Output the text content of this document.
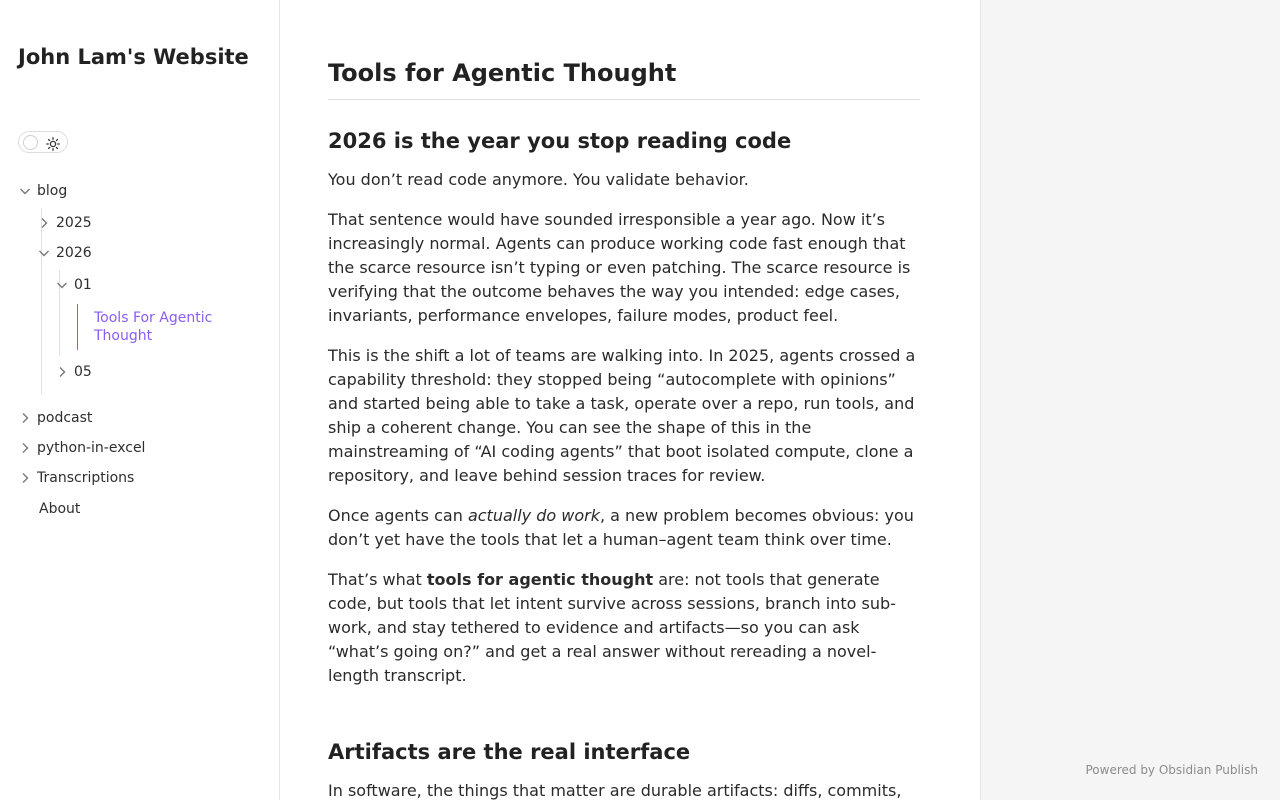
John Lam's Website
blog
2025
2026
01
Tools For Agentic Thought
05
podcast
python-in-excel
Transcriptions
About
Tools for Agentic Thought
2026 is the year you stop reading code

You don’t read code anymore. You validate behavior.

That sentence would have sounded irresponsible a year ago. Now it’s increasingly normal. Agents can produce working code fast enough that the scarce resource isn’t typing or even patching. The scarce resource is verifying that the outcome behaves the way you intended: edge cases, invariants, performance envelopes, failure modes, product feel.

This is the shift a lot of teams are walking into. In 2025, agents crossed a capability threshold: they stopped being “autocomplete with opinions” and started being able to take a task, operate over a repo, run tools, and ship a coherent change. You can see the shape of this in the mainstreaming of “AI coding agents” that boot isolated compute, clone a repository, and leave behind session traces for review.

Once agents can actually do work, a new problem becomes obvious: you don’t yet have the tools that let a human–agent team think over time.

That’s what tools for agentic thought are: not tools that generate code, but tools that let intent survive across sessions, branch into sub-work, and stay tethered to evidence and artifacts—so you can ask “what’s going on?” and get a real answer without rereading a novel-length transcript.

Artifacts are the real interface

In software, the things that matter are durable artifacts: diffs, commits,

Powered by Obsidian Publish
